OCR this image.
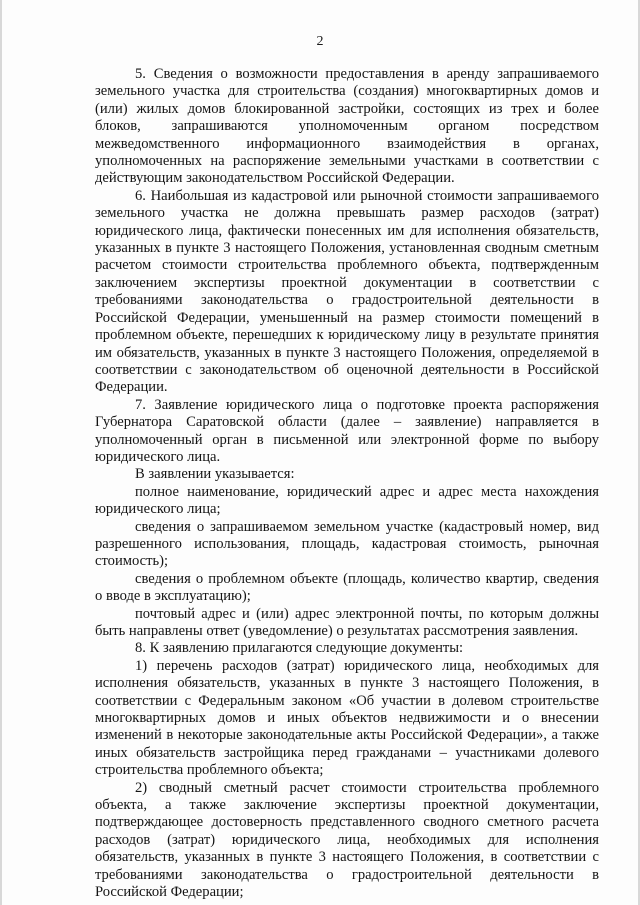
2

5. Сведения о возможности предоставления в аренду запрашиваемого земельного участка для строительства (создания) многоквартирных домов и (или) жилых домов блокированной застройки, состоящих из трех и более блоков, запрашиваются уполномоченным органом посредством межведомственного информационного взаимодействия в органах, уполномоченных на распоряжение земельными участками в соответствии с действующим законодательством Российской Федерации.

6. Наибольшая из кадастровой или рыночной стоимости запрашиваемого земельного участка не должна превышать размер расходов (затрат) юридического лица, фактически понесенных им для исполнения обязательств, указанных в пункте 3 настоящего Положения, установленная сводным сметным расчетом стоимости строительства проблемного объекта, подтвержденным заключением экспертизы проектной документации в соответствии с требованиями законодательства о градостроительной деятельности в Российской Федерации, уменьшенный на размер стоимости помещений в проблемном объекте, перешедших к юридическому лицу в результате принятия им обязательств, указанных в пункте 3 настоящего Положения, определяемой в соответствии с законодательством об оценочной деятельности в Российской Федерации.

7. Заявление юридического лица о подготовке проекта распоряжения Губернатора Саратовской области (далее – заявление) направляется в уполномоченный орган в письменной или электронной форме по выбору юридического лица.

В заявлении указывается:

полное наименование, юридический адрес и адрес места нахождения юридического лица;

сведения о запрашиваемом земельном участке (кадастровый номер, вид разрешенного использования, площадь, кадастровая стоимость, рыночная стоимость);

сведения о проблемном объекте (площадь, количество квартир, сведения о вводе в эксплуатацию);

почтовый адрес и (или) адрес электронной почты, по которым должны быть направлены ответ (уведомление) о результатах рассмотрения заявления.

8. К заявлению прилагаются следующие документы:

1) перечень расходов (затрат) юридического лица, необходимых для исполнения обязательств, указанных в пункте 3 настоящего Положения, в соответствии с Федеральным законом «Об участии в долевом строительстве многоквартирных домов и иных объектов недвижимости и о внесении изменений в некоторые законодательные акты Российской Федерации», а также иных обязательств застройщика перед гражданами – участниками долевого строительства проблемного объекта;

2) сводный сметный расчет стоимости строительства проблемного объекта, а также заключение экспертизы проектной документации, подтверждающее достоверность представленного сводного сметного расчета расходов (затрат) юридического лица, необходимых для исполнения обязательств, указанных в пункте 3 настоящего Положения, в соответствии с требованиями законодательства о градостроительной деятельности в Российской Федерации;
